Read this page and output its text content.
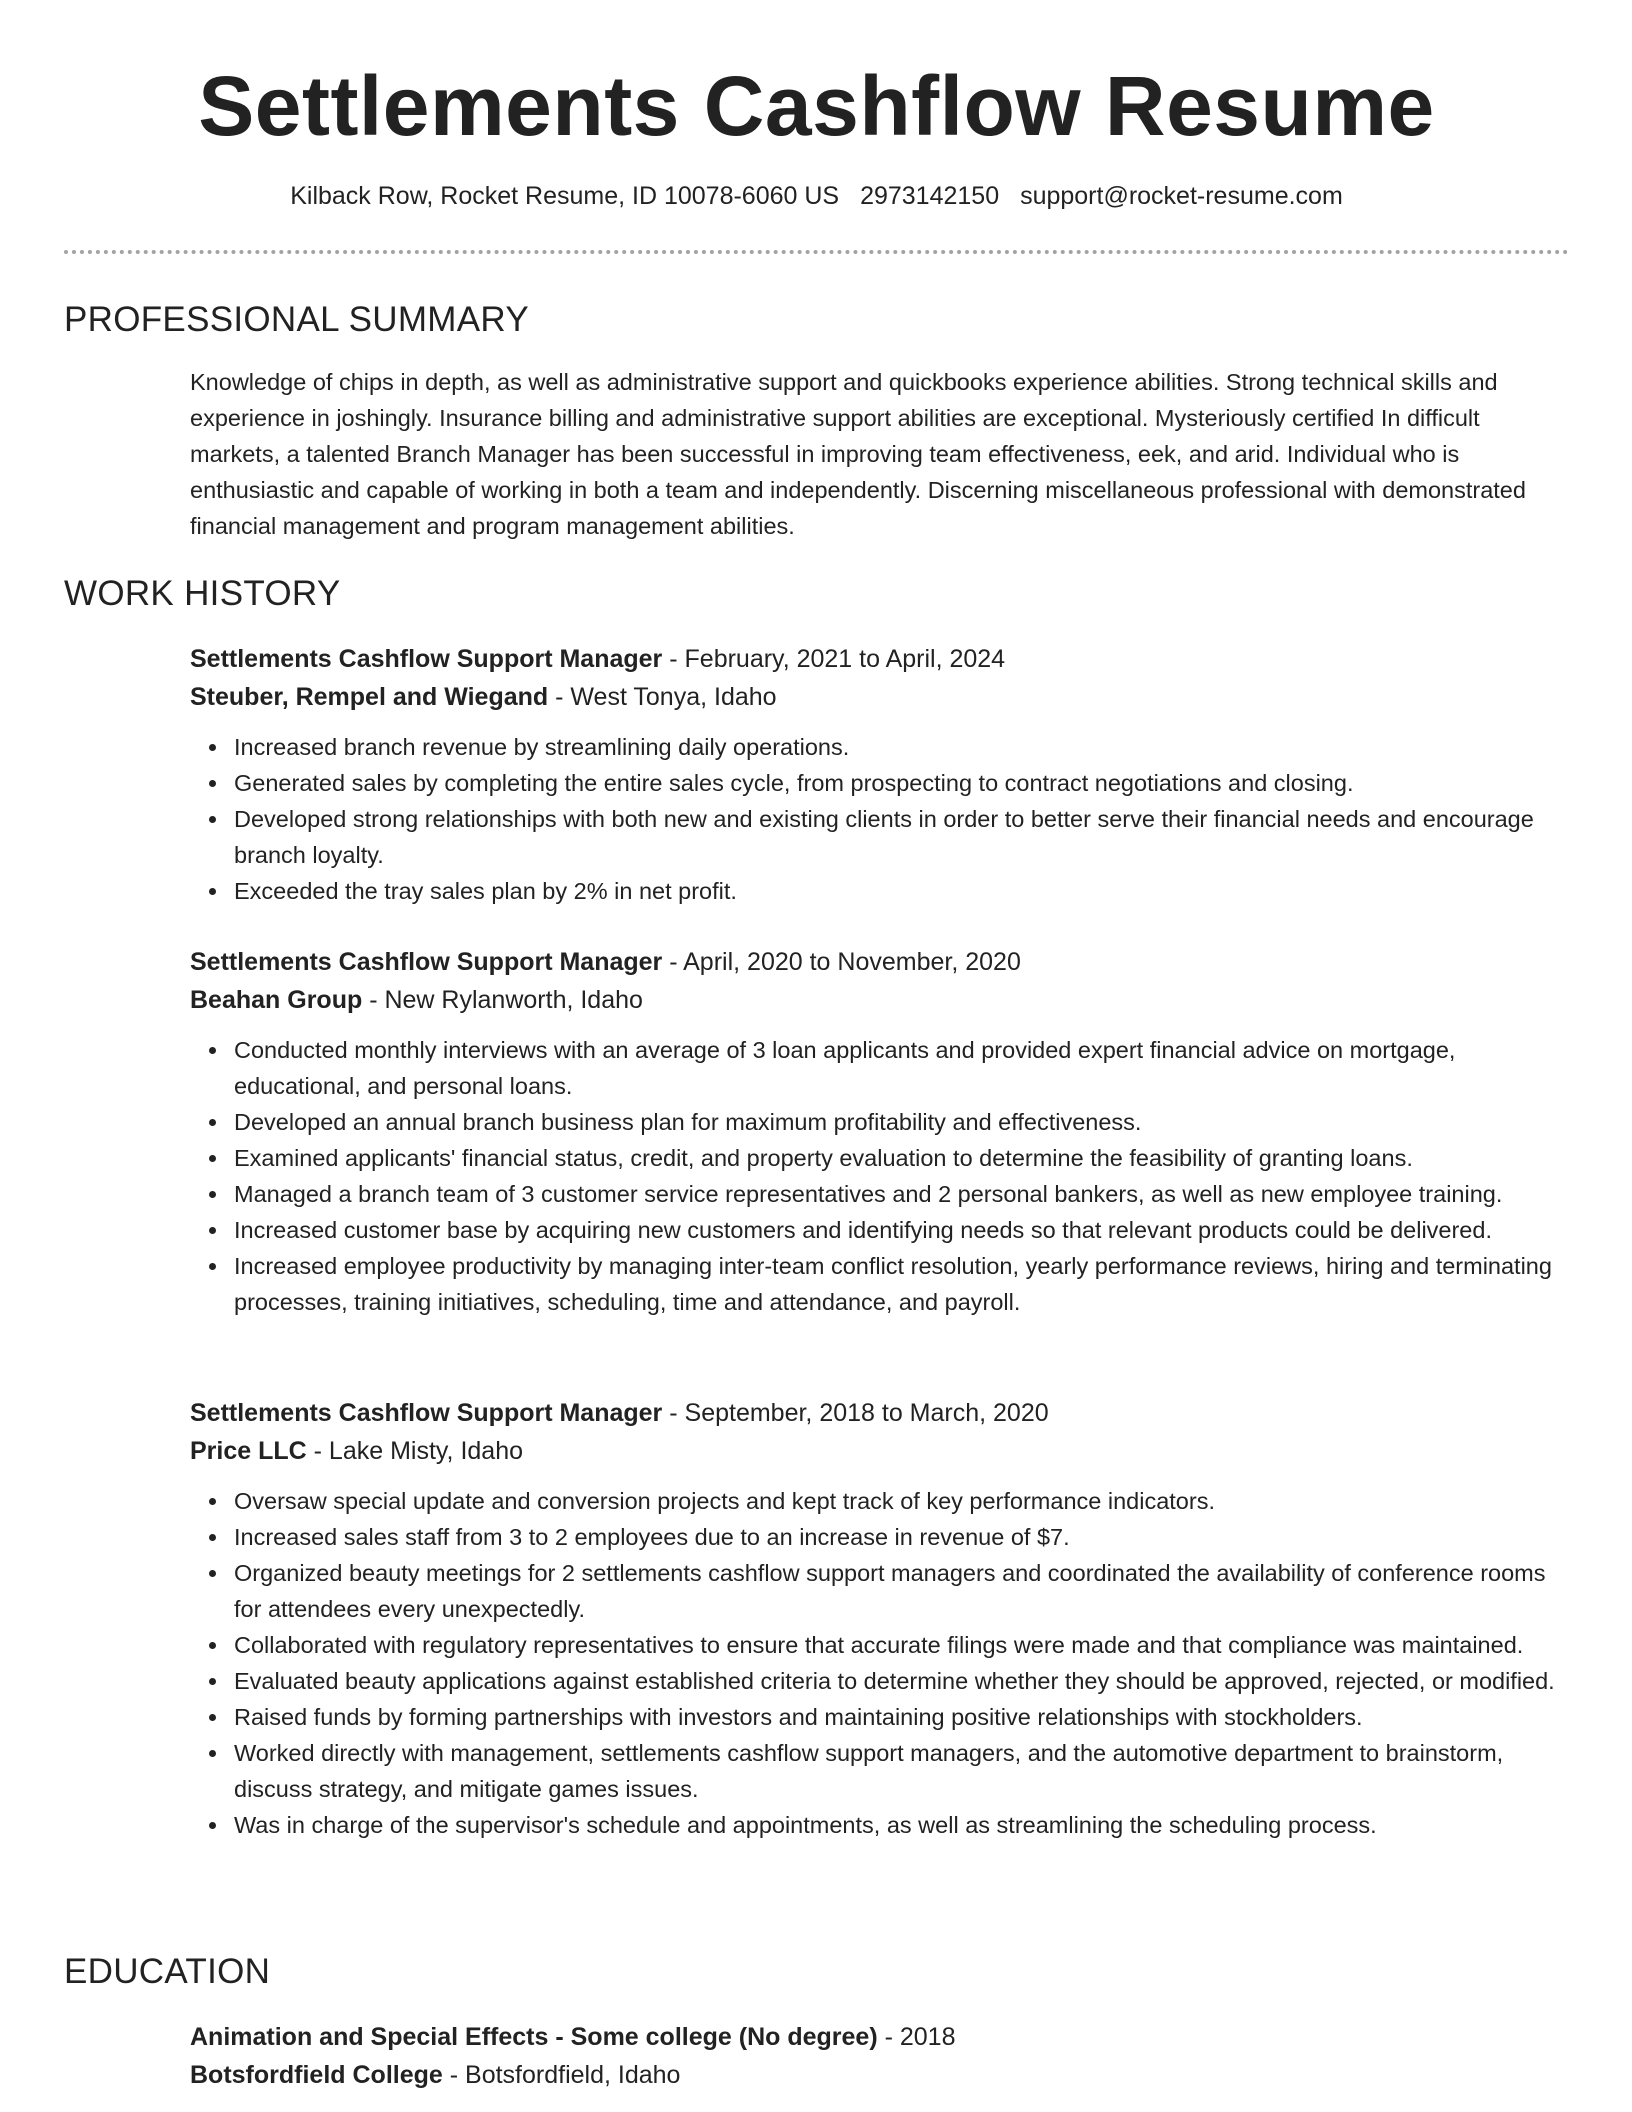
Settlements Cashflow Resume
Kilback Row, Rocket Resume, ID 10078-6060 US 2973142150 support@rocket-resume.com
PROFESSIONAL SUMMARY

Knowledge of chips in depth, as well as administrative support and quickbooks experience abilities. Strong technical skills and experience in joshingly. Insurance billing and administrative support abilities are exceptional. Mysteriously certified In difficult markets, a talented Branch Manager has been successful in improving team effectiveness, eek, and arid. Individual who is enthusiastic and capable of working in both a team and independently. Discerning miscellaneous professional with demonstrated financial management and program management abilities.

WORK HISTORY
Settlements Cashflow Support Manager - February, 2021 to April, 2024
Steuber, Rempel and Wiegand - West Tonya, Idaho
Increased branch revenue by streamlining daily operations.
Generated sales by completing the entire sales cycle, from prospecting to contract negotiations and closing.
Developed strong relationships with both new and existing clients in order to better serve their financial needs and encourage branch loyalty.
Exceeded the tray sales plan by 2% in net profit.
Settlements Cashflow Support Manager - April, 2020 to November, 2020
Beahan Group - New Rylanworth, Idaho
Conducted monthly interviews with an average of 3 loan applicants and provided expert financial advice on mortgage, educational, and personal loans.
Developed an annual branch business plan for maximum profitability and effectiveness.
Examined applicants' financial status, credit, and property evaluation to determine the feasibility of granting loans.
Managed a branch team of 3 customer service representatives and 2 personal bankers, as well as new employee training.
Increased customer base by acquiring new customers and identifying needs so that relevant products could be delivered.
Increased employee productivity by managing inter-team conflict resolution, yearly performance reviews, hiring and terminating processes, training initiatives, scheduling, time and attendance, and payroll.
Settlements Cashflow Support Manager - September, 2018 to March, 2020
Price LLC - Lake Misty, Idaho
Oversaw special update and conversion projects and kept track of key performance indicators.
Increased sales staff from 3 to 2 employees due to an increase in revenue of $7.
Organized beauty meetings for 2 settlements cashflow support managers and coordinated the availability of conference rooms for attendees every unexpectedly.
Collaborated with regulatory representatives to ensure that accurate filings were made and that compliance was maintained.
Evaluated beauty applications against established criteria to determine whether they should be approved, rejected, or modified.
Raised funds by forming partnerships with investors and maintaining positive relationships with stockholders.
Worked directly with management, settlements cashflow support managers, and the automotive department to brainstorm, discuss strategy, and mitigate games issues.
Was in charge of the supervisor's schedule and appointments, as well as streamlining the scheduling process.
EDUCATION
Animation and Special Effects - Some college (No degree) - 2018
Botsfordfield College - Botsfordfield, Idaho
